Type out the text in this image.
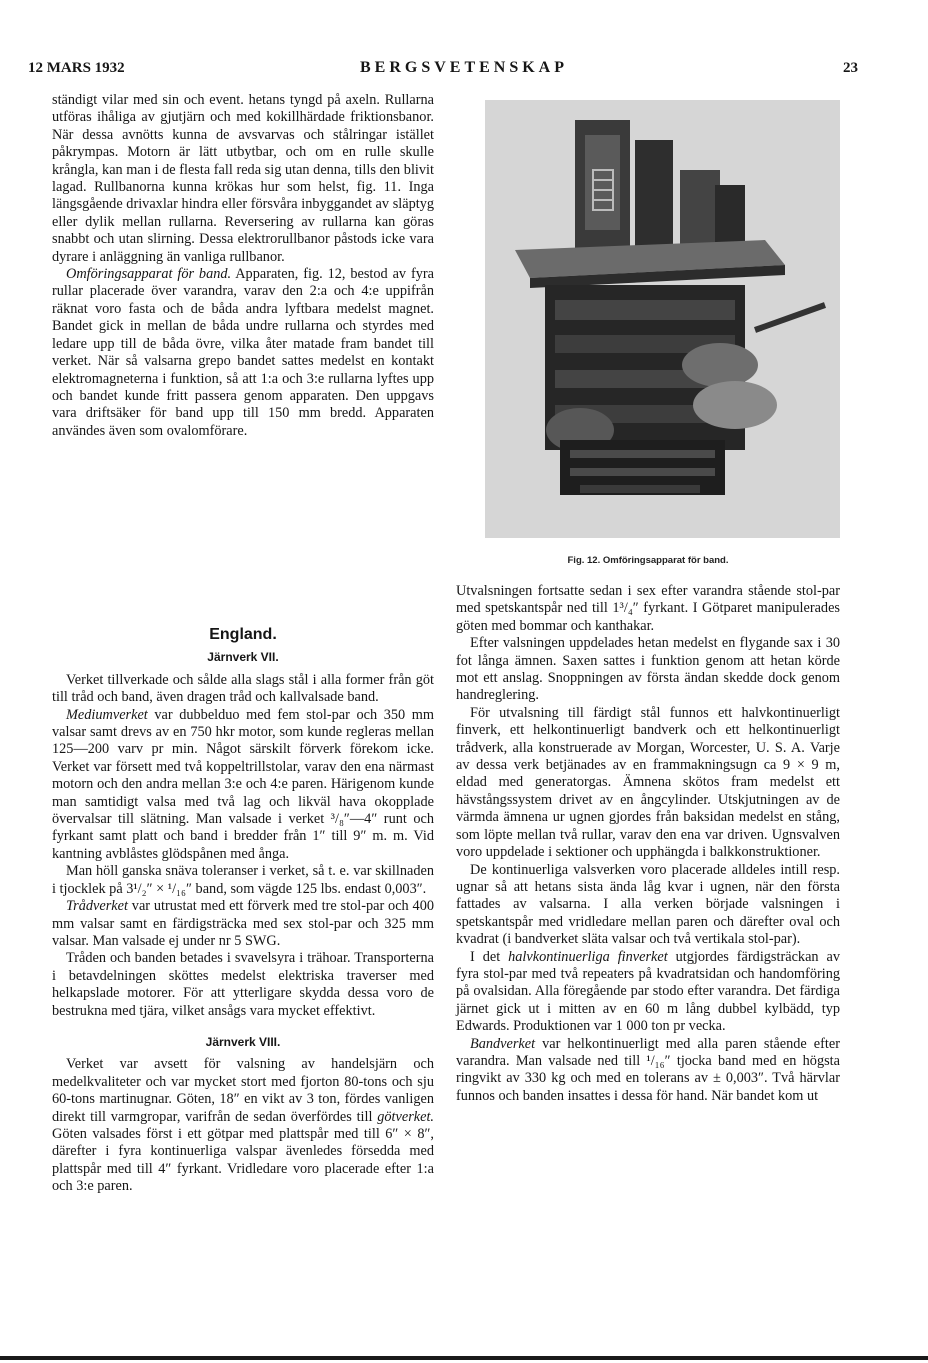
12 MARS 1932	BERGSVETENSKAP	23

ständigt vilar med sin och event. hetans tyngd på axeln. Rullarna utföras ihåliga av gjutjärn och med kokillhärdade friktionsbanor. När dessa avnötts kunna de avsvarvas och stålringar istället påkrympas. Motorn är lätt utbytbar, och om en rulle skulle krångla, kan man i de flesta fall reda sig utan denna, tills den blivit lagad. Rullbanorna kunna krökas hur som helst, fig. 11. Inga längsgående drivaxlar hindra eller försvåra inbyggandet av släptyg eller dylik mellan rullarna. Reversering av rullarna kan göras snabbt och utan slirning. Dessa elektrorullbanor påstods icke vara dyrare i anläggning än vanliga rullbanor.

Omföringsapparat för band. Apparaten, fig. 12, bestod av fyra rullar placerade över varandra, varav den 2:a och 4:e uppifrån räknat voro fasta och de båda andra lyftbara medelst magnet. Bandet gick in mellan de båda undre rullarna och styrdes med ledare upp till de båda övre, vilka åter matade fram bandet till verket. När så valsarna grepo bandet sattes medelst en kontakt elektromagneterna i funktion, så att 1:a och 3:e rullarna lyftes upp och bandet kunde fritt passera genom apparaten. Den uppgavs vara driftsäker för band upp till 150 mm bredd. Apparaten användes även som ovalomförare.

England.
Järnverk VII.

Verket tillverkade och sålde alla slags stål i alla former från göt till tråd och band, även dragen tråd och kallvalsade band.

Mediumverket var dubbelduo med fem stol-par och 350 mm valsar samt drevs av en 750 hkr motor, som kunde regleras mellan 125—200 varv pr min. Något särskilt förverk förekom icke. Verket var försett med två koppeltrillstolar, varav den ena närmast motorn och den andra mellan 3:e och 4:e paren. Härigenom kunde man samtidigt valsa med två lag och likväl hava okopplade övervalsar till slätning. Man valsade i verket ³/₈″—4″ runt och fyrkant samt platt och band i bredder från 1″ till 9″ m. m. Vid kantning avblåstes glödspånen med ånga.

Man höll ganska snäva toleranser i verket, så t. e. var skillnaden i tjocklek på 3¹/₂″ × ¹/₁₆″ band, som vägde 125 lbs. endast 0,003″.

Trådverket var utrustat med ett förverk med tre stol-par och 400 mm valsar samt en färdigsträcka med sex stol-par och 325 mm valsar. Man valsade ej under nr 5 SWG.

Tråden och banden betades i svavelsyra i trähoar. Transporterna i betavdelningen sköttes medelst elektriska traverser med helkapslade motorer. För att ytterligare skydda dessa voro de bestrukna med tjära, vilket ansågs vara mycket effektivt.

Järnverk VIII.

Verket var avsett för valsning av handelsjärn och medelkvaliteter och var mycket stort med fjorton 80-tons och sju 60-tons martinugnar. Göten, 18″ en vikt av 3 ton, fördes vanligen direkt till varmgropar, varifrån de sedan överfördes till götverket. Göten valsades först i ett götpar med plattspår med till 6″ × 8″, därefter i fyra kontinuerliga valspar ävenledes försedda med plattspår med till 4″ fyrkant. Vridledare voro placerade efter 1:a och 3:e paren.

Fig. 12. Omföringsapparat för band.

Utvalsningen fortsatte sedan i sex efter varandra stående stol-par med spetskantspår ned till 1³/₄″ fyrkant. I Götparet manipulerades göten med bommar och kanthakar.

Efter valsningen uppdelades hetan medelst en flygande sax i 30 fot långa ämnen. Saxen sattes i funktion genom att hetan körde mot ett anslag. Snoppningen av första ändan skedde dock genom handreglering.

För utvalsning till färdigt stål funnos ett halvkontinuerligt finverk, ett helkontinuerligt bandverk och ett helkontinuerligt trådverk, alla konstruerade av Morgan, Worcester, U. S. A. Varje av dessa verk betjänades av en frammakningsugn ca 9 × 9 m, eldad med generatorgas. Ämnena skötos fram medelst ett hävstångssystem drivet av en ångcylinder. Utskjutningen av de värmda ämnena ur ugnen gjordes från baksidan medelst en stång, som löpte mellan två rullar, varav den ena var driven. Ugnsvalven voro uppdelade i sektioner och upphängda i balkkonstruktioner.

De kontinuerliga valsverken voro placerade alldeles intill resp. ugnar så att hetans sista ända låg kvar i ugnen, när den första fattades av valsarna. I alla verken började valsningen i spetskantspår med vridledare mellan paren och därefter oval och kvadrat (i bandverket släta valsar och två vertikala stol-par).

I det halvkontinuerliga finverket utgjordes färdigsträckan av fyra stol-par med två repeaters på kvadratsidan och handomföring på ovalsidan. Alla föregående par stodo efter varandra. Det färdiga järnet gick ut i mitten av en 60 m lång dubbel kylbädd, typ Edwards. Produktionen var 1 000 ton pr vecka.

Bandverket var helkontinuerligt med alla paren stående efter varandra. Man valsade ned till ¹/₁₆″ tjocka band med en högsta ringvikt av 330 kg och med en tolerans av ± 0,003″. Två härvlar funnos och banden insattes i dessa för hand. När bandet kom ut
